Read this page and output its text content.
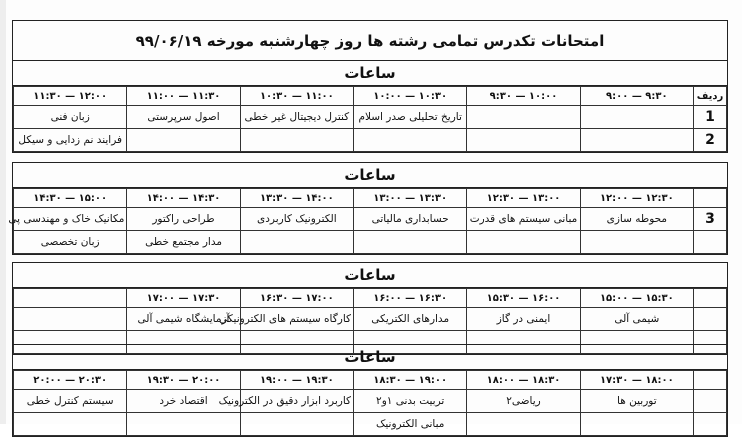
امتحانات تکدرس تمامی رشته ها روز چهارشنبه مورخه ۹۹/۰۶/۱۹
ساعات
ردیف	۹:۰۰ — ۹:۳۰	۹:۳۰ — ۱۰:۰۰	۱۰:۰۰ — ۱۰:۳۰	۱۰:۳۰ — ۱۱:۰۰	۱۱:۰۰ — ۱۱:۳۰	۱۱:۳۰ — ۱۲:۰۰
1			تاریخ تحلیلی صدر اسلام	کنترل دیجیتال غیر خطی	اصول سرپرستی	زبان فنی
2						فرایند نم زدایی و سیکل
ساعات
	۱۲:۰۰ — ۱۲:۳۰	۱۲:۳۰ — ۱۳:۰۰	۱۳:۰۰ — ۱۳:۳۰	۱۳:۳۰ — ۱۴:۰۰	۱۴:۰۰ — ۱۴:۳۰	۱۴:۳۰ — ۱۵:۰۰
3	محوطه سازی	مبانی سیستم های قدرت	حسابداری مالیاتی	الکترونیک کاربردی	طراحی راکتور	مکانیک خاک و مهندسی پی
					مدار مجتمع خطی	زبان تخصصی
ساعات
	۱۵:۰۰ — ۱۵:۳۰	۱۵:۳۰ — ۱۶:۰۰	۱۶:۰۰ — ۱۶:۳۰	۱۶:۳۰ — ۱۷:۰۰	۱۷:۰۰ — ۱۷:۳۰	
	شیمی آلی	ایمنی در گاز	مدارهای الکتریکی	کارگاه سیستم های الکترونیکی	آزمایشگاه شیمی آلی	

ساعات
	۱۷:۳۰ — ۱۸:۰۰	۱۸:۰۰ — ۱۸:۳۰	۱۸:۳۰ — ۱۹:۰۰	۱۹:۰۰ — ۱۹:۳۰	۱۹:۳۰ — ۲۰:۰۰	۲۰:۰۰ — ۲۰:۳۰
	توربین ها	ریاضی۲	تربیت بدنی ۱و۲	کاربرد ابزار دقیق در الکترونیک	اقتصاد خرد	سیستم کنترل خطی
			مبانی الکترونیک			
